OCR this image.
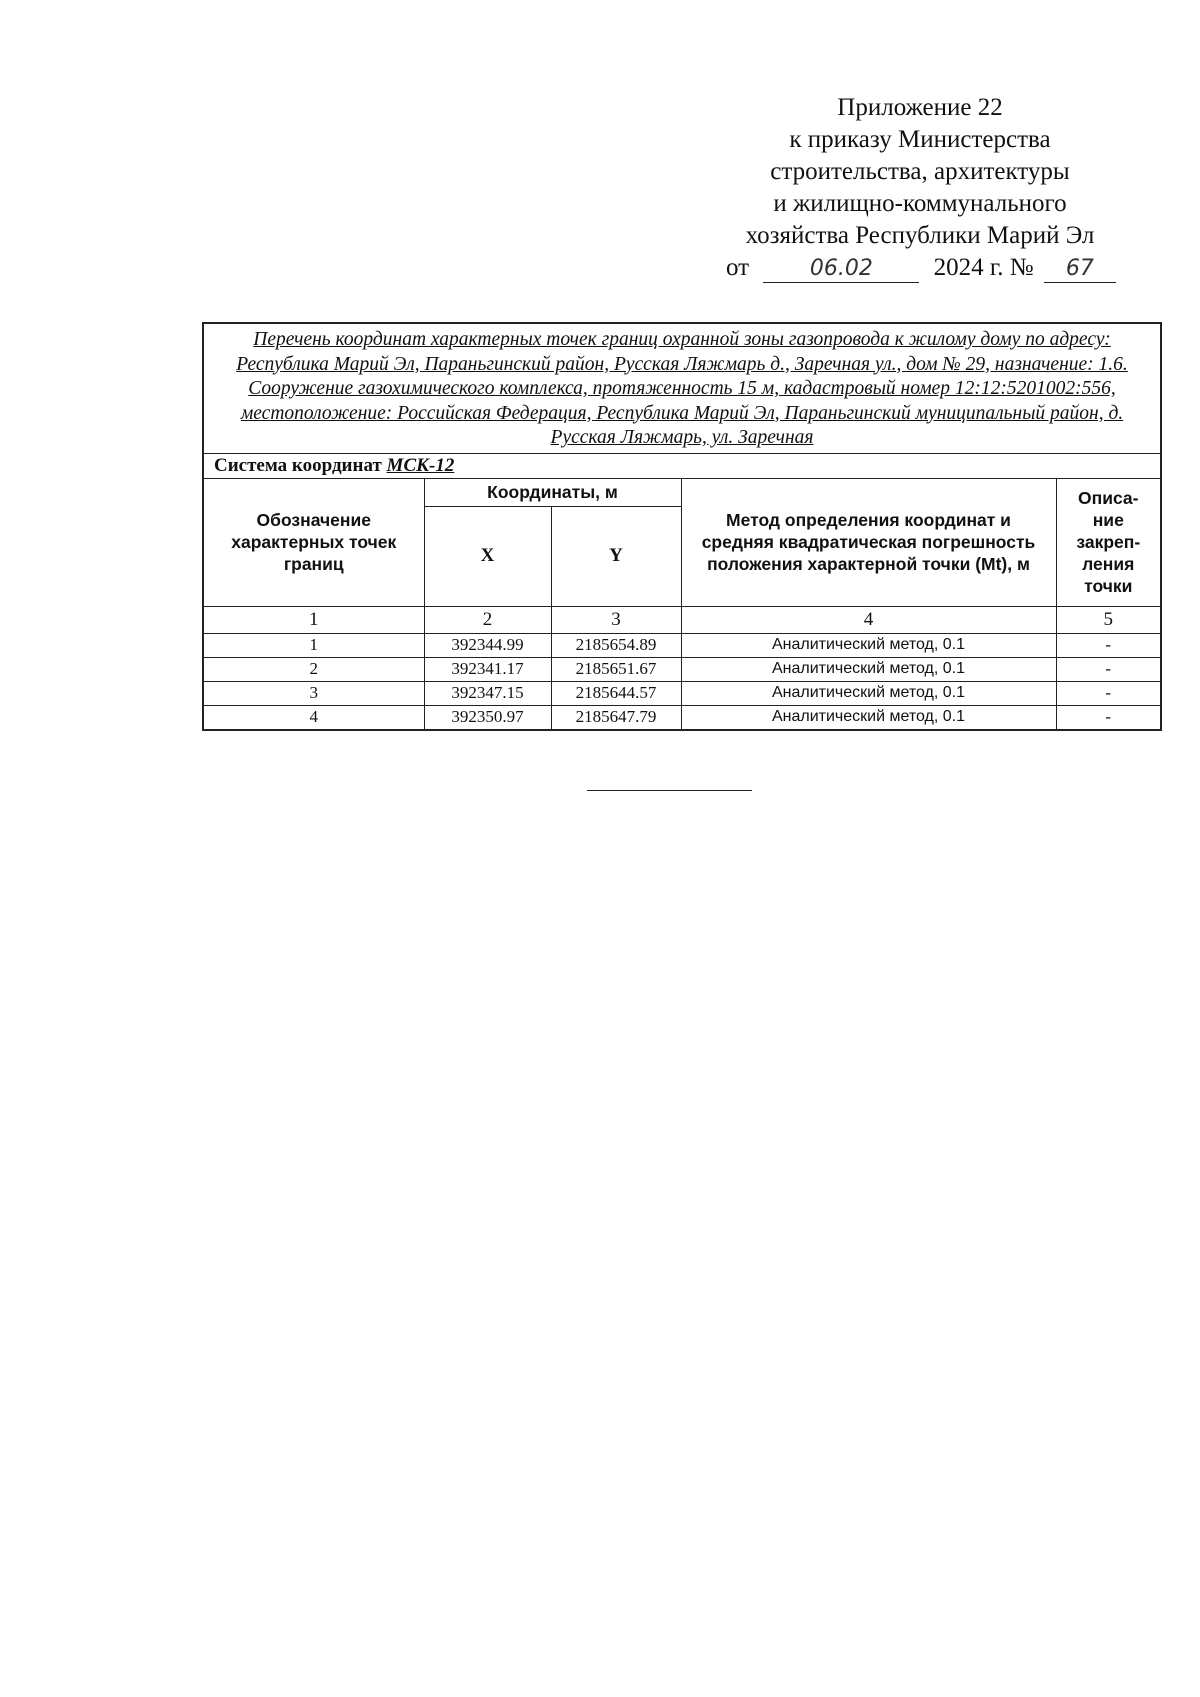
Приложение 22
к приказу Министерства
строительства, архитектуры
и жилищно-коммунального
хозяйства Республики Марий Эл
от	06.02 2024 г. № 67
Перечень координат характерных точек границ охранной зоны газопровода к жилому дому по адресу: Республика Марий Эл, Параньгинский район, Русская Ляжмарь д., Заречная ул., дом № 29, назначение: 1.6. Сооружение газохимического комплекса, протяженность 15 м, кадастровый номер 12:12:5201002:556, местоположение: Российская Федерация, Республика Марий Эл, Параньгинский муниципальный район, д. Русская Ляжмарь, ул. Заречная				
Система координат МСК-12				
Обозначение характерных точек границ	Координаты, м		Метод определения координат и средняя квадратическая погрешность положения характерной точки (Mt), м	Описа-ние закреп-ления точки
	X	Y		
1	2	3	4	5
1	392344.99	2185654.89	Аналитический метод, 0.1	-
2	392341.17	2185651.67	Аналитический метод, 0.1	-
3	392347.15	2185644.57	Аналитический метод, 0.1	-
4	392350.97	2185647.79	Аналитический метод, 0.1	-
